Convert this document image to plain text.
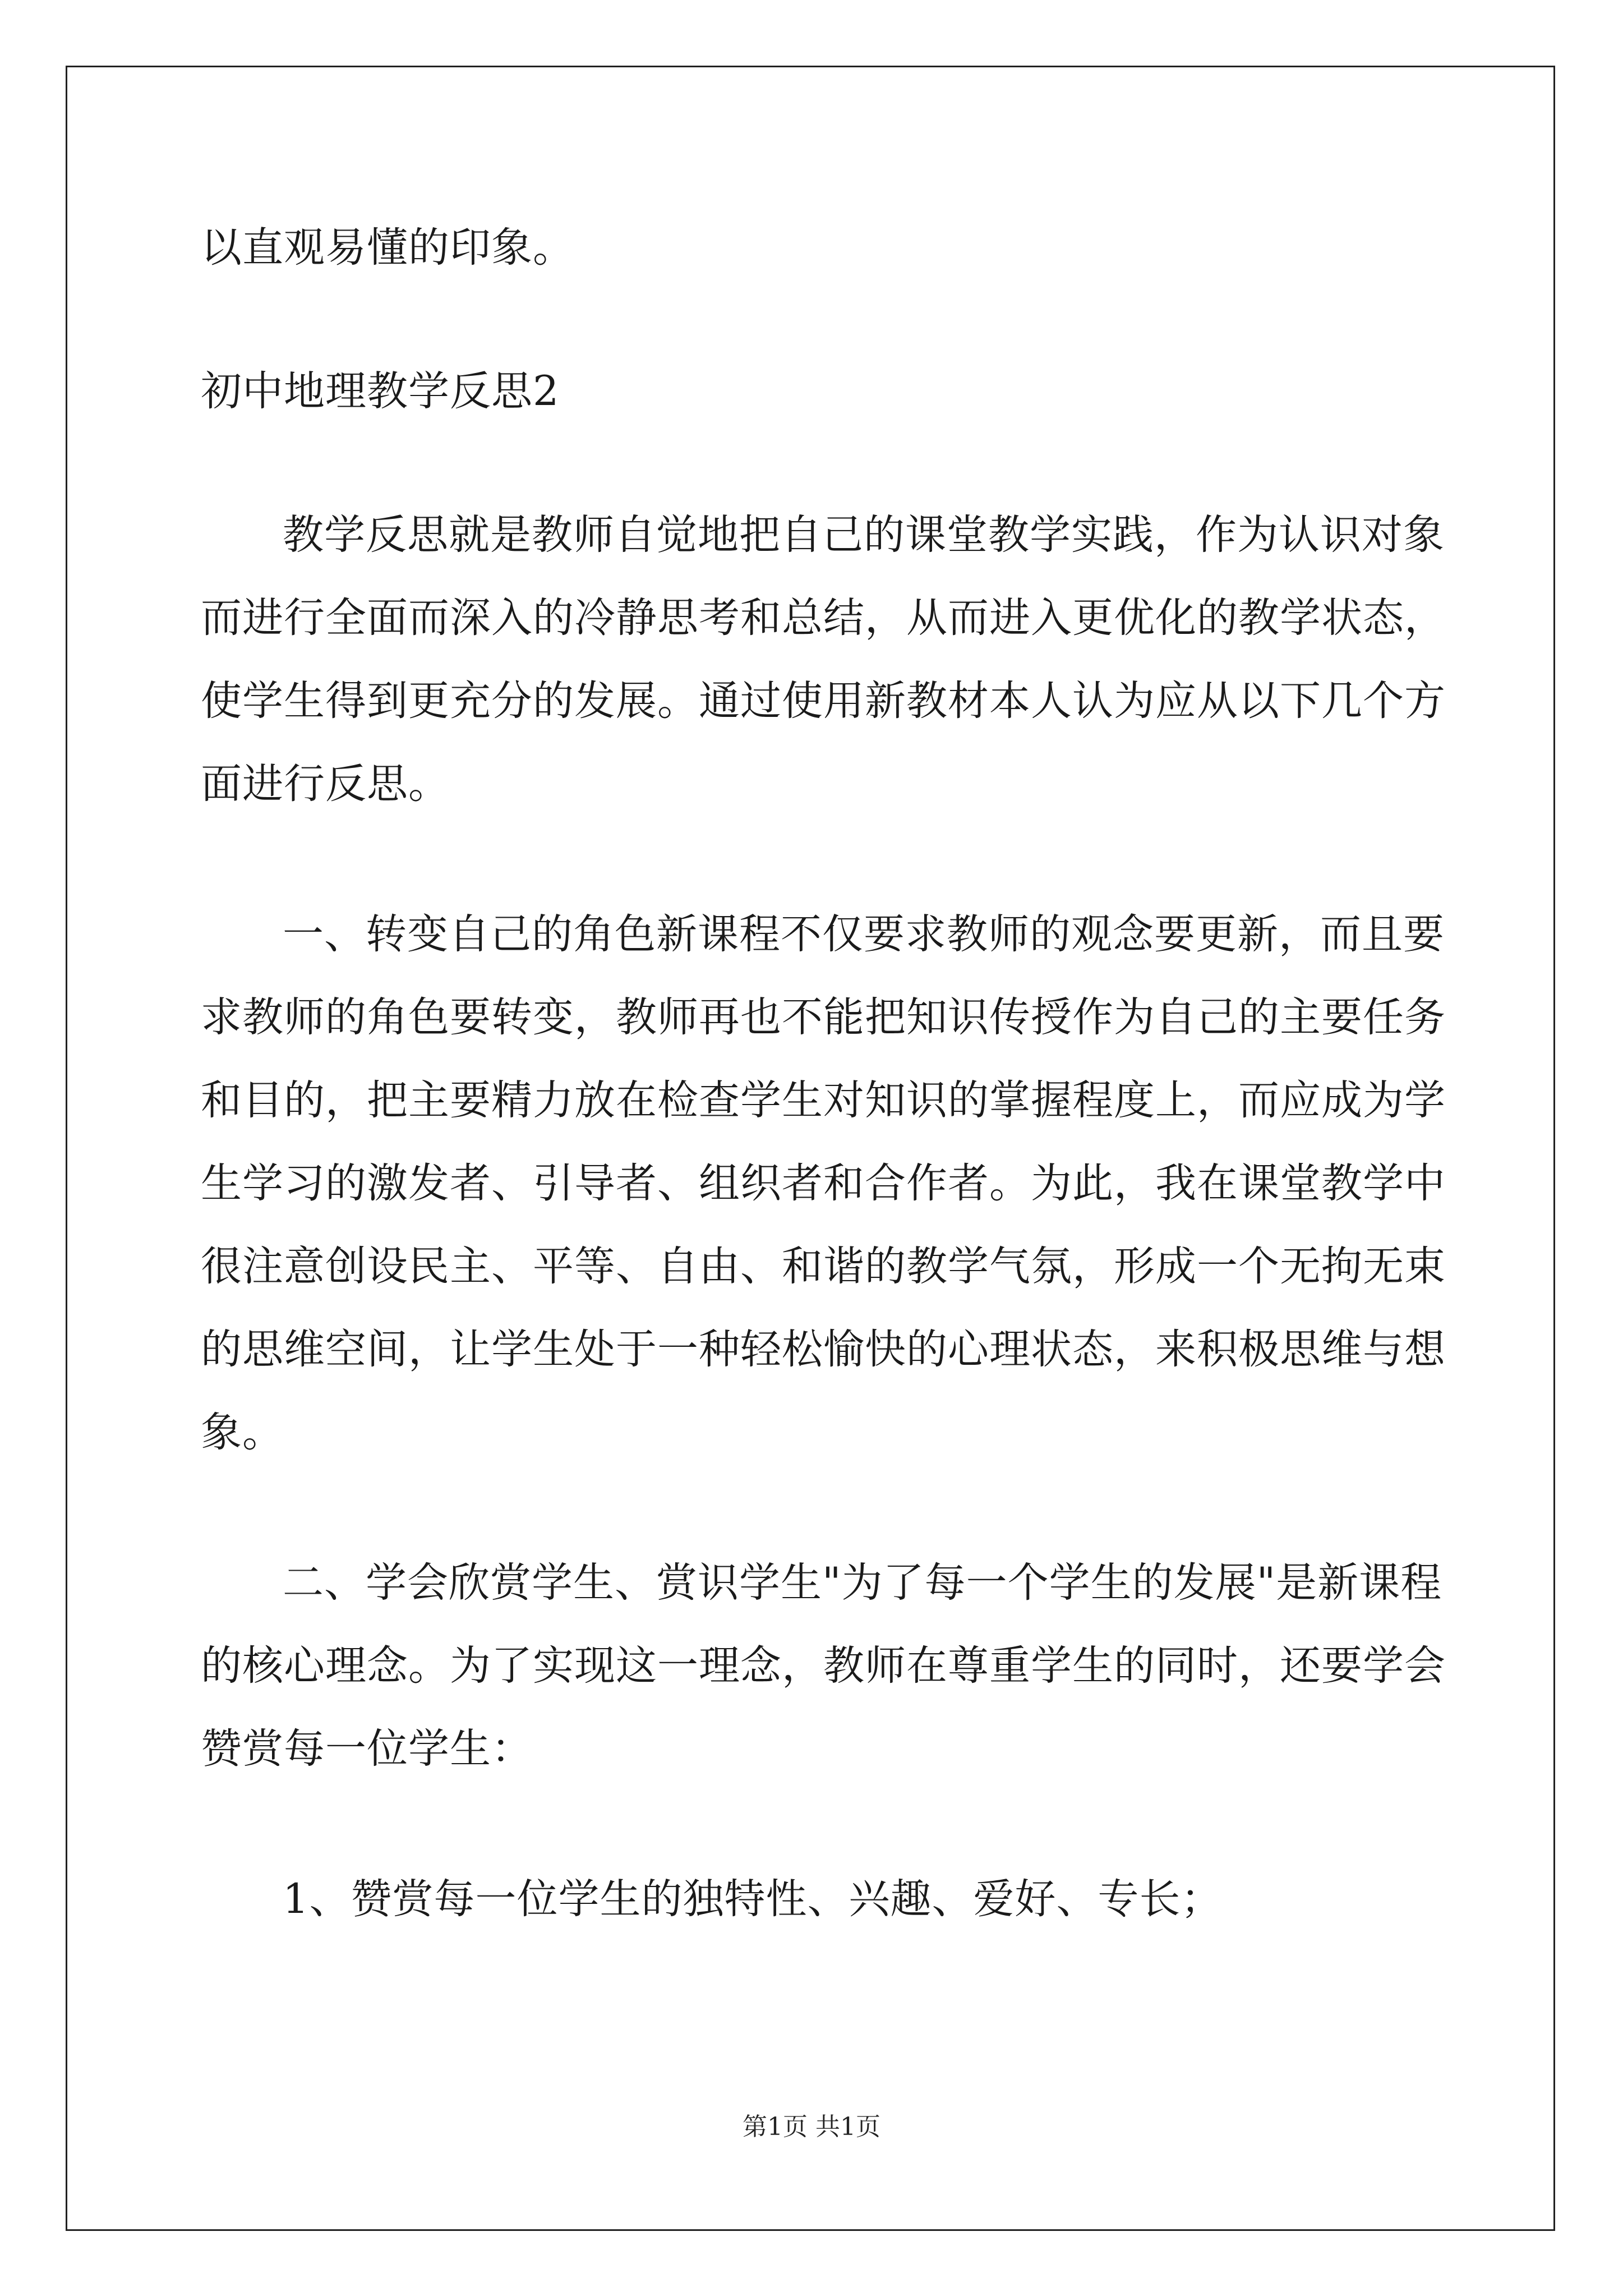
以直观易懂的印象。
初中地理教学反思2
教学反思就是教师自觉地把自己的课堂教学实践，作为认识对象
而进行全面而深入的冷静思考和总结，从而进入更优化的教学状态，
使学生得到更充分的发展。通过使用新教材本人认为应从以下几个方
面进行反思。
一、转变自己的角色新课程不仅要求教师的观念要更新，而且要
求教师的角色要转变，教师再也不能把知识传授作为自己的主要任务
和目的，把主要精力放在检查学生对知识的掌握程度上，而应成为学
生学习的激发者、引导者、组织者和合作者。为此，我在课堂教学中
很注意创设民主、平等、自由、和谐的教学气氛，形成一个无拘无束
的思维空间，让学生处于一种轻松愉快的心理状态，来积极思维与想
象。
二、学会欣赏学生、赏识学生"为了每一个学生的发展"是新课程
的核心理念。为了实现这一理念，教师在尊重学生的同时，还要学会
赞赏每一位学生：
1、赞赏每一位学生的独特性、兴趣、爱好、专长；
第1页 共1页
